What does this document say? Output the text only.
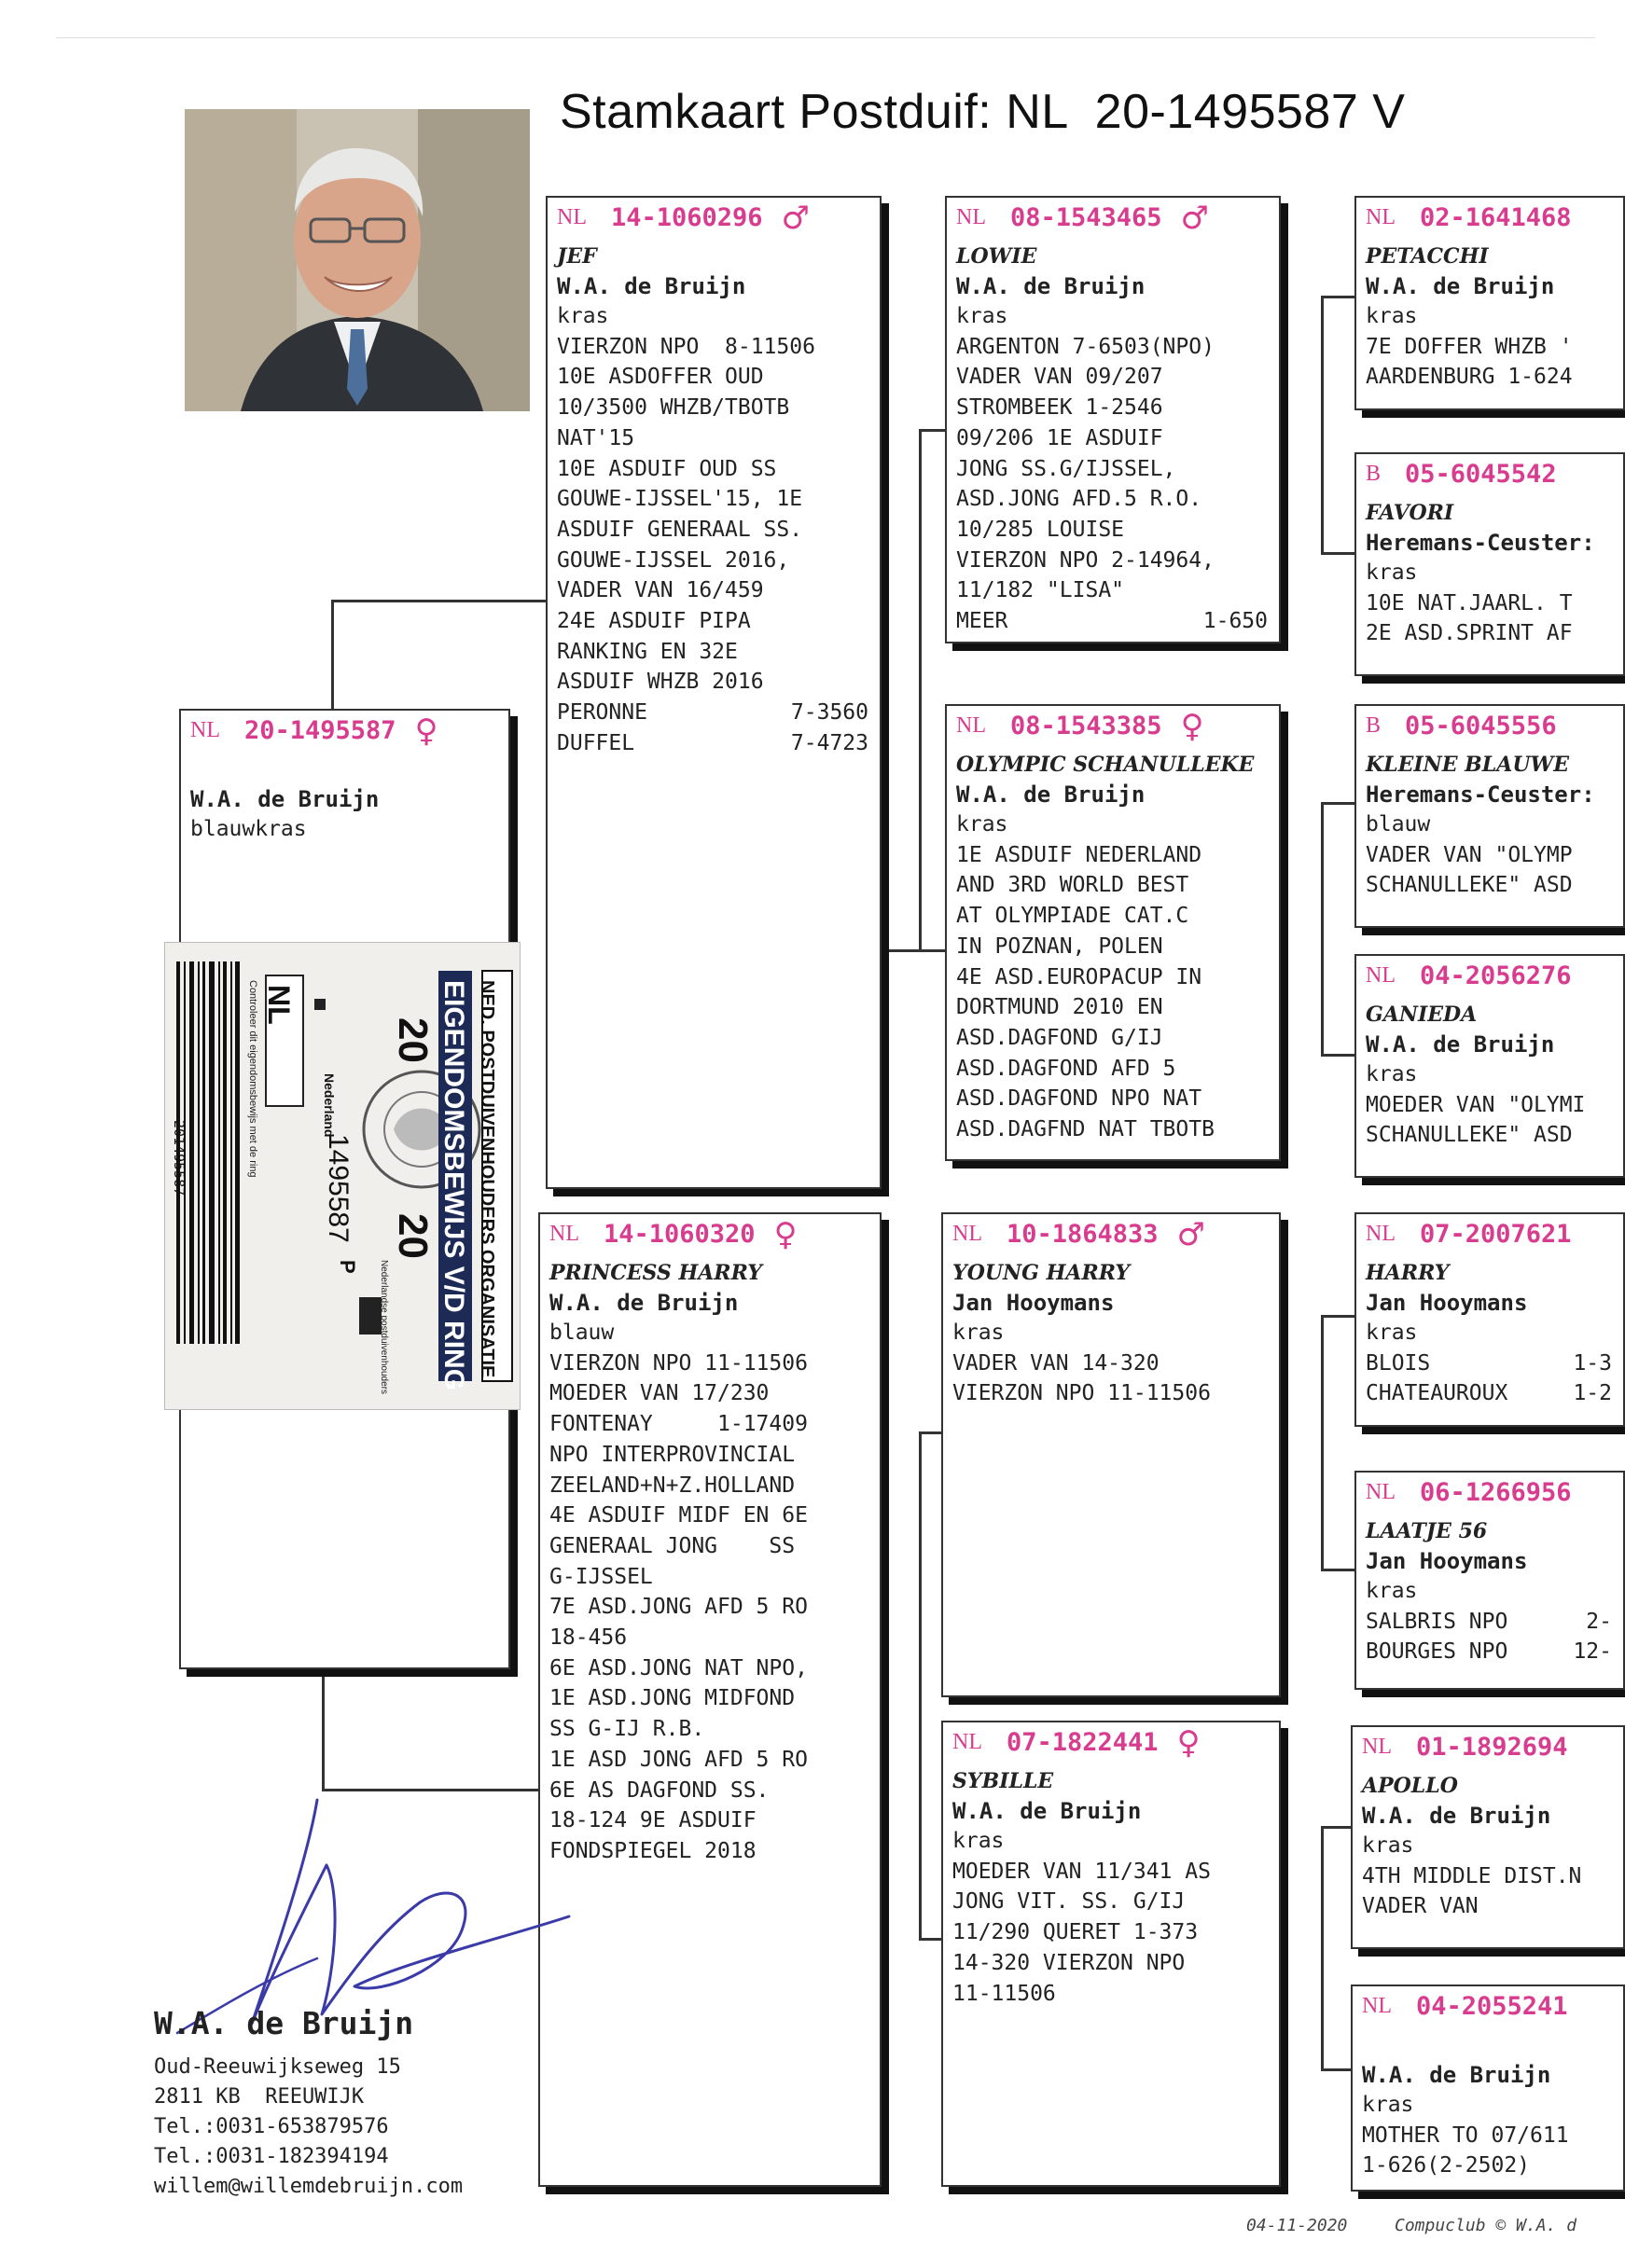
Stamkaart Postduif: NL 20-1495587 V
NL 20-1495587 ♀
W.A. de Bruijn
blauwkras
NED. POSTDUIVENHOUDERS ORGANISATIE
EIGENDOMSBEWIJS V/D RING
20
20
NL
Nederland
1495587
P Nederlandse postduivenhouders
Controleer dit eigendomsbewijs met de ring
201495587
NL 14-1060296 ♂
JEF
W.A. de Bruijn
kras
VIERZON NPO  8-11506
10E ASDOFFER OUD
10/3500 WHZB/TBOTB
NAT'15
10E ASDUIF OUD SS
GOUWE-IJSSEL'15, 1E
ASDUIF GENERAAL SS.
GOUWE-IJSSEL 2016,
VADER VAN 16/459
24E ASDUIF PIPA
RANKING EN 32E
ASDUIF WHZB 2016
PERONNE	7-3560
DUFFEL	7-4723
NL 14-1060320 ♀
PRINCESS HARRY
W.A. de Bruijn
blauw
VIERZON NPO 11-11506
MOEDER VAN 17/230
FONTENAY     1-17409
NPO INTERPROVINCIAL
ZEELAND+N+Z.HOLLAND
4E ASDUIF MIDF EN 6E
GENERAAL JONG    SS
G-IJSSEL
7E ASD.JONG AFD 5 RO
18-456
6E ASD.JONG NAT NPO,
1E ASD.JONG MIDFOND
SS G-IJ R.B.
1E ASD JONG AFD 5 RO
6E AS DAGFOND SS.
18-124 9E ASDUIF
FONDSPIEGEL 2018
NL 08-1543465 ♂
LOWIE
W.A. de Bruijn
kras
ARGENTON 7-6503(NPO)
VADER VAN 09/207
STROMBEEK 1-2546
09/206 1E ASDUIF
JONG SS.G/IJSSEL,
ASD.JONG AFD.5 R.O.
10/285 LOUISE
VIERZON NPO 2-14964,
11/182 "LISA"
MEER	1-650
NL 08-1543385 ♀
OLYMPIC SCHANULLEKE
W.A. de Bruijn
kras
1E ASDUIF NEDERLAND
AND 3RD WORLD BEST
AT OLYMPIADE CAT.C
IN POZNAN, POLEN
4E ASD.EUROPACUP IN
DORTMUND 2010 EN
ASD.DAGFOND G/IJ
ASD.DAGFOND AFD 5
ASD.DAGFOND NPO NAT
ASD.DAGFND NAT TBOTB
NL 10-1864833 ♂
YOUNG HARRY
Jan Hooymans
kras
VADER VAN 14-320
VIERZON NPO 11-11506
NL 07-1822441 ♀
SYBILLE
W.A. de Bruijn
kras
MOEDER VAN 11/341 AS
JONG VIT. SS. G/IJ
11/290 QUERET 1-373
14-320 VIERZON NPO
11-11506
NL 02-1641468
PETACCHI
W.A. de Bruijn
kras
7E DOFFER WHZB '
AARDENBURG 1-624
B 05-6045542
FAVORI
Heremans-Ceuster:
kras
10E NAT.JAARL. T
2E ASD.SPRINT AF
B 05-6045556
KLEINE BLAUWE
Heremans-Ceuster:
blauw
VADER VAN "OLYMP
SCHANULLEKE" ASD
NL 04-2056276
GANIEDA
W.A. de Bruijn
kras
MOEDER VAN "OLYMI
SCHANULLEKE" ASD
NL 07-2007621
HARRY
Jan Hooymans
kras
BLOIS	1-3
CHATEAUROUX	1-2
NL 06-1266956
LAATJE 56
Jan Hooymans
kras
SALBRIS NPO	2-
BOURGES NPO	12-
NL 01-1892694
APOLLO
W.A. de Bruijn
kras
4TH MIDDLE DIST.N
VADER VAN
NL 04-2055241
W.A. de Bruijn
kras
MOTHER TO 07/611
1-626(2-2502)
W.A. de Bruijn
Oud-Reeuwijkseweg 15
2811 KB  REEUWIJK
Tel.:0031-653879576
Tel.:0031-182394194
willem@willemdebruijn.com
04-11-2020	Compuclub © W.A. d
